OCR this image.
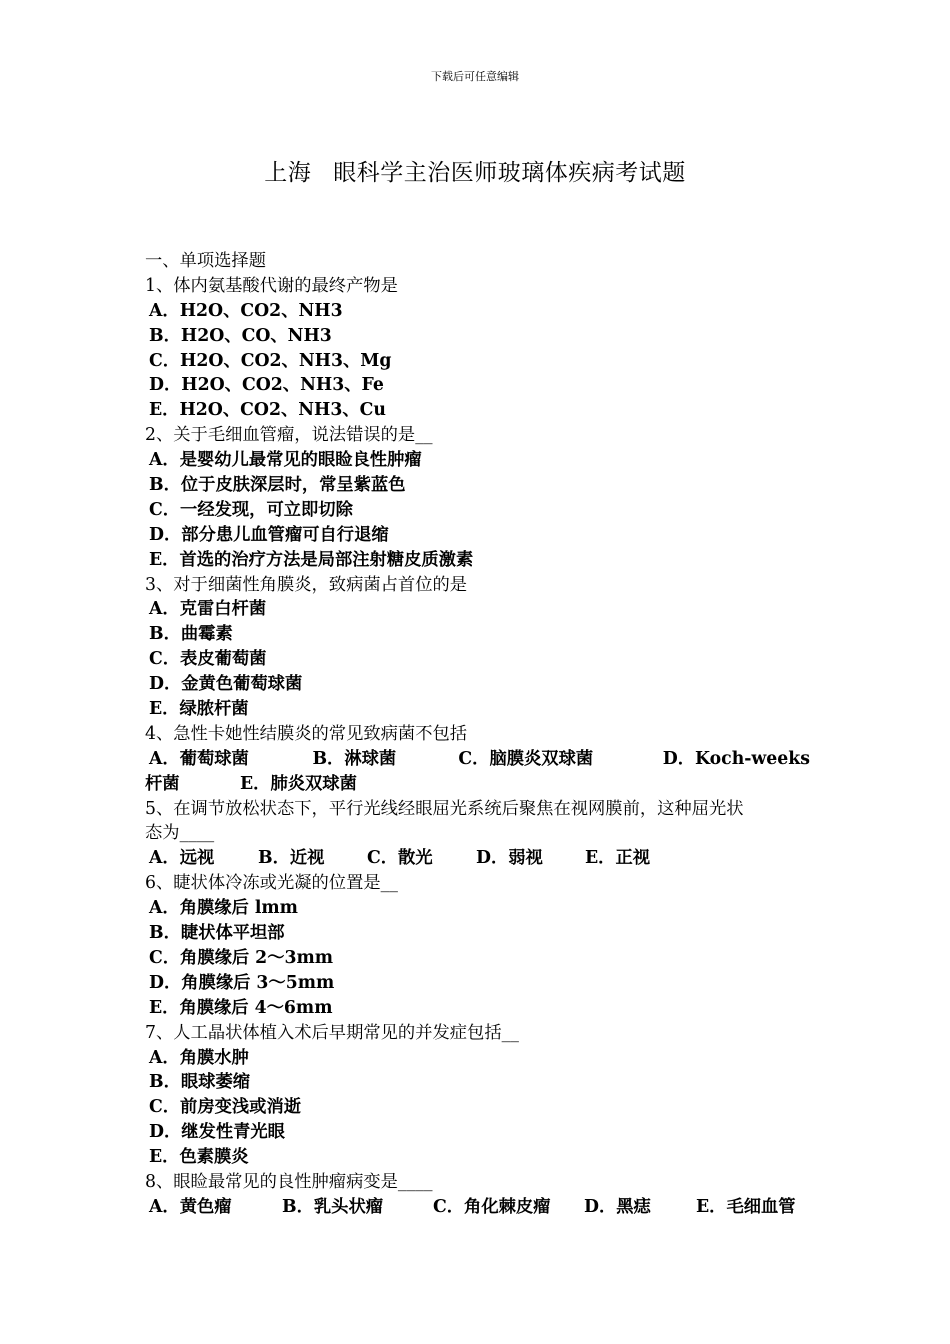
下载后可任意编辑
上海 眼科学主治医师玻璃体疾病考试题
一、单项选择题
1、体内氨基酸代谢的最终产物是
A．H2O、CO2、NH3
B．H2O、CO、NH3
C．H2O、CO2、NH3、Mg
D．H2O、CO2、NH3、Fe
E．H2O、CO2、NH3、Cu
2、关于毛细血管瘤，说法错误的是__
A．是婴幼儿最常见的眼睑良性肿瘤
B．位于皮肤深层时，常呈紫蓝色
C．一经发现，可立即切除
D．部分患儿血管瘤可自行退缩
E．首选的治疗方法是局部注射糖皮质激素
3、对于细菌性角膜炎，致病菌占首位的是
A．克雷白杆菌
B．曲霉素
C．表皮葡萄菌
D．金黄色葡萄球菌
E．绿脓杆菌
4、急性卡她性结膜炎的常见致病菌不包括
A．葡萄球菌	B．淋球菌	C．脑膜炎双球菌	D．Koch-weeks
杆菌	E．肺炎双球菌
5、在调节放松状态下，平行光线经眼屈光系统后聚焦在视网膜前，这种屈光状
态为____
A．远视	B．近视	C．散光	D．弱视	E．正视
6、睫状体冷冻或光凝的位置是__
A．角膜缘后 lmm
B．睫状体平坦部
C．角膜缘后 2～3mm
D．角膜缘后 3～5mm
E．角膜缘后 4～6mm
7、人工晶状体植入术后早期常见的并发症包括__
A．角膜水肿
B．眼球萎缩
C．前房变浅或消逝
D．继发性青光眼
E．色素膜炎
8、眼睑最常见的良性肿瘤病变是____
A．黄色瘤	B．乳头状瘤	C．角化棘皮瘤	D．黑痣	E．毛细血管
